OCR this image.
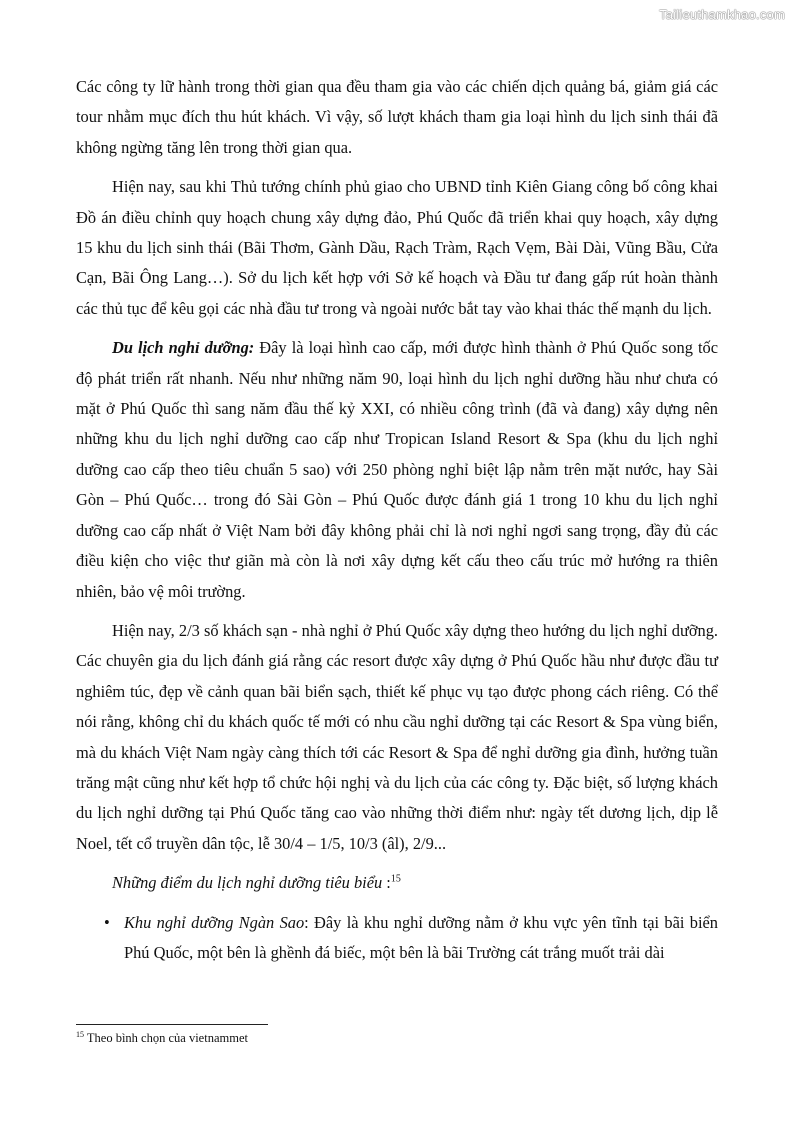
Tailieuthamkhao.com

Các công ty lữ hành trong thời gian qua đều tham gia vào các chiến dịch quảng bá, giảm giá các tour nhằm mục đích thu hút khách. Vì vậy, số lượt khách tham gia loại hình du lịch sinh thái đã không ngừng tăng lên trong thời gian qua.

Hiện nay, sau khi Thủ tướng chính phủ giao cho UBND tỉnh Kiên Giang công bố công khai Đồ án điều chỉnh quy hoạch chung xây dựng đảo, Phú Quốc đã triển khai quy hoạch, xây dựng 15 khu du lịch sinh thái (Bãi Thơm, Gành Dầu, Rạch Tràm, Rạch Vẹm, Bài Dài, Vũng Bầu, Cửa Cạn, Bãi Ông Lang…). Sở du lịch kết hợp với Sở kế hoạch và Đầu tư đang gấp rút hoàn thành các thủ tục để kêu gọi các nhà đầu tư trong và ngoài nước bắt tay vào khai thác thế mạnh du lịch.

Du lịch nghỉ dưỡng: Đây là loại hình cao cấp, mới được hình thành ở Phú Quốc song tốc độ phát triển rất nhanh. Nếu như những năm 90, loại hình du lịch nghỉ dưỡng hầu như chưa có mặt ở Phú Quốc thì sang năm đầu thế kỷ XXI, có nhiều công trình (đã và đang) xây dựng nên những khu du lịch nghỉ dưỡng cao cấp như Tropican Island Resort & Spa (khu du lịch nghỉ dưỡng cao cấp theo tiêu chuẩn 5 sao) với 250 phòng nghỉ biệt lập nằm trên mặt nước, hay Sài Gòn – Phú Quốc… trong đó Sài Gòn – Phú Quốc được đánh giá 1 trong 10 khu du lịch nghỉ dưỡng cao cấp nhất ở Việt Nam bởi đây không phải chỉ là nơi nghỉ ngơi sang trọng, đầy đủ các điều kiện cho việc thư giãn mà còn là nơi xây dựng kết cấu theo cấu trúc mở hướng ra thiên nhiên, bảo vệ môi trường.

Hiện nay, 2/3 số khách sạn - nhà nghỉ ở Phú Quốc xây dựng theo hướng du lịch nghỉ dưỡng. Các chuyên gia du lịch đánh giá rằng các resort được xây dựng ở Phú Quốc hầu như được đầu tư nghiêm túc, đẹp về cảnh quan bãi biển sạch, thiết kế phục vụ tạo được phong cách riêng. Có thể nói rằng, không chỉ du khách quốc tế mới có nhu cầu nghỉ dưỡng tại các Resort & Spa vùng biển, mà du khách Việt Nam ngày càng thích tới các Resort & Spa để nghỉ dưỡng gia đình, hưởng tuần trăng mật cũng như kết hợp tổ chức hội nghị và du lịch của các công ty. Đặc biệt, số lượng khách du lịch nghỉ dưỡng tại Phú Quốc tăng cao vào những thời điểm như: ngày tết dương lịch, dịp lễ Noel, tết cổ truyền dân tộc, lễ 30/4 – 1/5, 10/3 (âl), 2/9...

Những điểm du lịch nghỉ dưỡng tiêu biểu :$^{15}$

• Khu nghỉ dưỡng Ngàn Sao: Đây là khu nghỉ dưỡng nằm ở khu vực yên tĩnh tại bãi biển Phú Quốc, một bên là ghềnh đá biếc, một bên là bãi Trường cát trắng muốt trải dài

$^{15}$ Theo bình chọn của vietnammet
